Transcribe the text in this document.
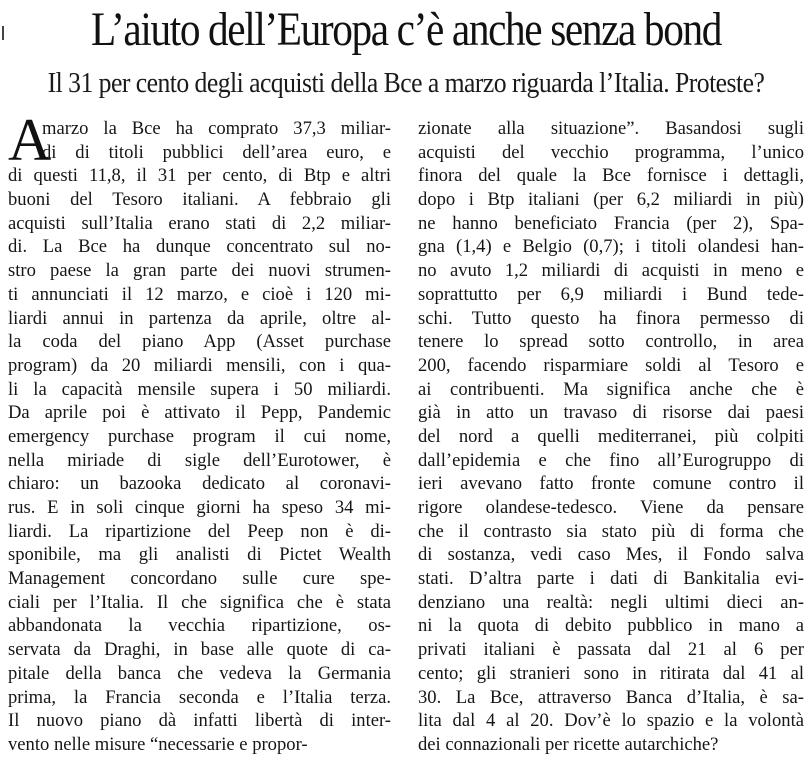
L’aiuto dell’Europa c’è anche senza bond
Il 31 per cento degli acquisti della Bce a marzo riguarda l’Italia. Proteste?
A
marzo la Bce ha comprato 37,3 miliar-
di di titoli pubblici dell’area euro, e
di questi 11,8, il 31 per cento, di Btp e altri
buoni del Tesoro italiani. A febbraio gli
acquisti sull’Italia erano stati di 2,2 miliar-
di. La Bce ha dunque concentrato sul no-
stro paese la gran parte dei nuovi strumen-
ti annunciati il 12 marzo, e cioè i 120 mi-
liardi annui in partenza da aprile, oltre al-
la coda del piano App (Asset purchase
program) da 20 miliardi mensili, con i qua-
li la capacità mensile supera i 50 miliardi.
Da aprile poi è attivato il Pepp, Pandemic
emergency purchase program il cui nome,
nella miriade di sigle dell’Eurotower, è
chiaro: un bazooka dedicato al coronavi-
rus. E in soli cinque giorni ha speso 34 mi-
liardi. La ripartizione del Peep non è di-
sponibile, ma gli analisti di Pictet Wealth
Management concordano sulle cure spe-
ciali per l’Italia. Il che significa che è stata
abbandonata la vecchia ripartizione, os-
servata da Draghi, in base alle quote di ca-
pitale della banca che vedeva la Germania
prima, la Francia seconda e l’Italia terza.
Il nuovo piano dà infatti libertà di inter-
vento nelle misure “necessarie e propor-
zionate alla situazione”. Basandosi sugli
acquisti del vecchio programma, l’unico
finora del quale la Bce fornisce i dettagli,
dopo i Btp italiani (per 6,2 miliardi in più)
ne hanno beneficiato Francia (per 2), Spa-
gna (1,4) e Belgio (0,7); i titoli olandesi han-
no avuto 1,2 miliardi di acquisti in meno e
soprattutto per 6,9 miliardi i Bund tede-
schi. Tutto questo ha finora permesso di
tenere lo spread sotto controllo, in area
200, facendo risparmiare soldi al Tesoro e
ai contribuenti. Ma significa anche che è
già in atto un travaso di risorse dai paesi
del nord a quelli mediterranei, più colpiti
dall’epidemia e che fino all’Eurogruppo di
ieri avevano fatto fronte comune contro il
rigore olandese-tedesco. Viene da pensare
che il contrasto sia stato più di forma che
di sostanza, vedi caso Mes, il Fondo salva
stati. D’altra parte i dati di Bankitalia evi-
denziano una realtà: negli ultimi dieci an-
ni la quota di debito pubblico in mano a
privati italiani è passata dal 21 al 6 per
cento; gli stranieri sono in ritirata dal 41 al
30. La Bce, attraverso Banca d’Italia, è sa-
lita dal 4 al 20. Dov’è lo spazio e la volontà
dei connazionali per ricette autarchiche?
